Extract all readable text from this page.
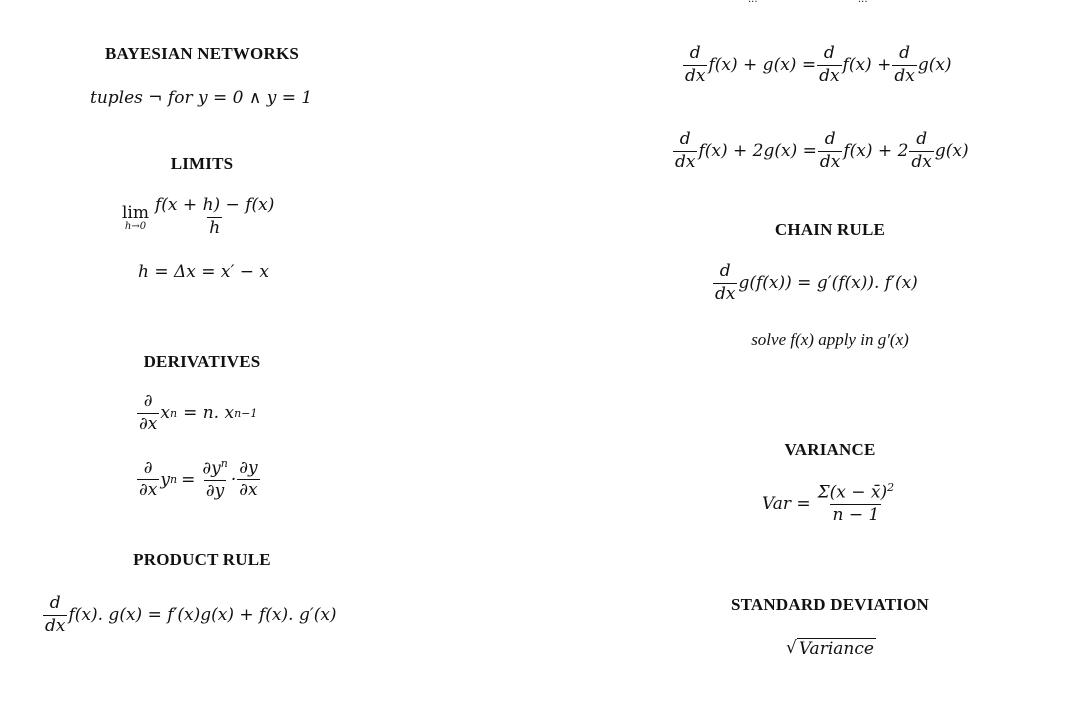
BAYESIAN NETWORKS
tuples ¬ for y = 0 ∧ y = 1
LIMITS
lim
$h\to 0 \frac{f(x + h) - f(x)}{h}$
h = Δx = x′ − x
DERIVATIVES
$\frac{\partial}{\partial x}$ x n = n. x n−1
$\frac{\partial}{\partial x}$ y $n = \frac{\partial y^n}{\partial y} \cdot \frac{\partial y}{\partial x}$
PRODUCT RULE
$\frac{d}{dx} f(x)$. g(x) = f′(x)g(x) + f(x). g′(x)
$\frac{d}{dx} f(x) + g(x) = \frac{d}{dx} f(x) + \frac{d}{dx} g(x)$
$\frac{d}{dx} f(x) + 2g(x) = \frac{d}{dx} f(x) + 2 \frac{d}{dx} g(x)$
CHAIN RULE
$\frac{d}{dx} g(f(x)) = g'(f(x))$. f′(x)
solve f(x) apply in g′(x)
VARIANCE
Var = $\frac{\Sigma(x - x̄)^2}{n - 1}$
STANDARD DEVIATION
√ Variance
